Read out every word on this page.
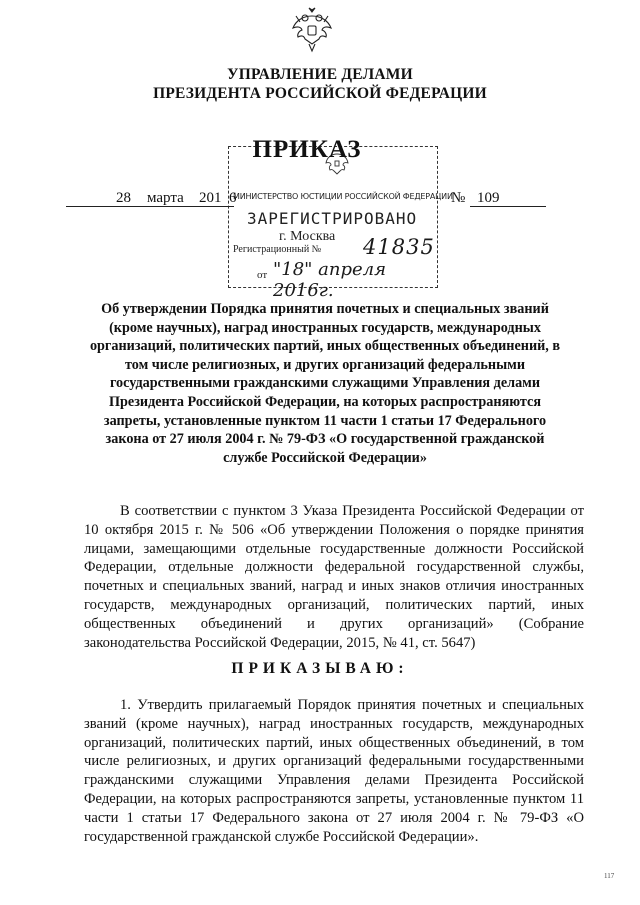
УПРАВЛЕНИЕ ДЕЛАМИ
ПРЕЗИДЕНТА РОССИЙСКОЙ ФЕДЕРАЦИИ
МИНИСТЕРСТВО ЮСТИЦИИ РОССИЙСКОЙ ФЕДЕРАЦИИ
ЗАРЕГИСТРИРОВАНО
г. Москва
Регистрационный № 41835
от "18" апреля 2016г.
ПРИКАЗ
28 марта 201 6	№ 109
Об утверждении Порядка принятия почетных и специальных званий (кроме научных), наград иностранных государств, международных организаций, политических партий, иных общественных объединений, в том числе религиозных, и других организаций федеральными государственными гражданскими служащими Управления делами Президента Российской Федерации, на которых распространяются запреты, установленные пунктом 11 части 1 статьи 17 Федерального закона от 27 июля 2004 г. № 79-ФЗ «О государственной гражданской службе Российской Федерации»
В соответствии с пунктом 3 Указа Президента Российской Федерации от 10 октября 2015 г. № 506 «Об утверждении Положения о порядке принятия лицами, замещающими отдельные государственные должности Российской Федерации, отдельные должности федеральной государственной службы, почетных и специальных званий, наград и иных знаков отличия иностранных государств, международных организаций, политических партий, иных общественных объединений и других организаций» (Собрание законодательства Российской Федерации, 2015, № 41, ст. 5647)
ПРИКАЗЫВАЮ:
1. Утвердить прилагаемый Порядок принятия почетных и специальных званий (кроме научных), наград иностранных государств, международных организаций, политических партий, иных общественных объединений, в том числе религиозных, и других организаций федеральными государственными гражданскими служащими Управления делами Президента Российской Федерации, на которых распространяются запреты, установленные пунктом 11 части 1 статьи 17 Федерального закона от 27 июля 2004 г. № 79-ФЗ «О государственной гражданской службе Российской Федерации».
117
